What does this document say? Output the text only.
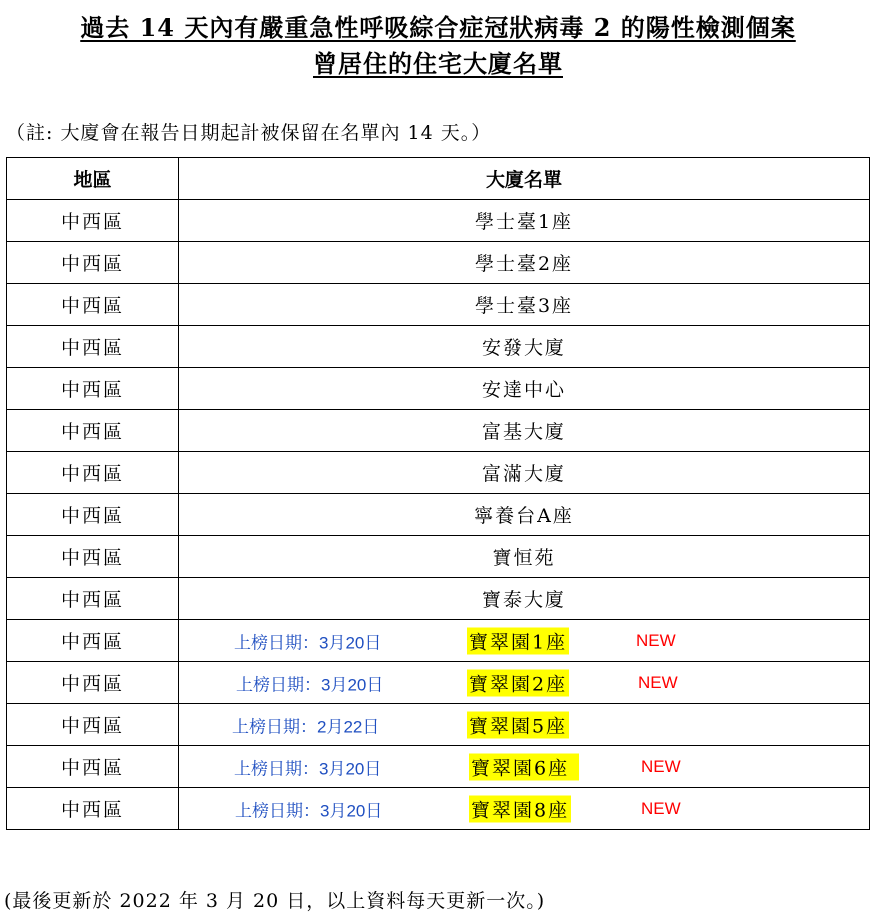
過去 14 天內有嚴重急性呼吸綜合症冠狀病毒 2 的陽性檢測個案
曾居住的住宅大廈名單
（註: 大廈會在報告日期起計被保留在名單內 14 天。）
地區	大廈名單
中西區	學士臺1座

中西區	學士臺2座

中西區	學士臺3座

中西區	安發大廈

中西區	安達中心

中西區	富基大廈

中西區	富滿大廈

中西區	寧養台A座

中西區	寶恒苑

中西區	寶泰大廈

中西區	上榜日期：3月20日 寶翠園1座 NEW

中西區	上榜日期：3月20日 寶翠園2座 NEW

中西區	上榜日期：2月22日 寶翠園5座

中西區	上榜日期：3月20日 寶翠園6座 NEW

中西區	上榜日期：3月20日 寶翠園8座 NEW
(最後更新於 2022 年 3 月 20 日，以上資料每天更新一次。)
